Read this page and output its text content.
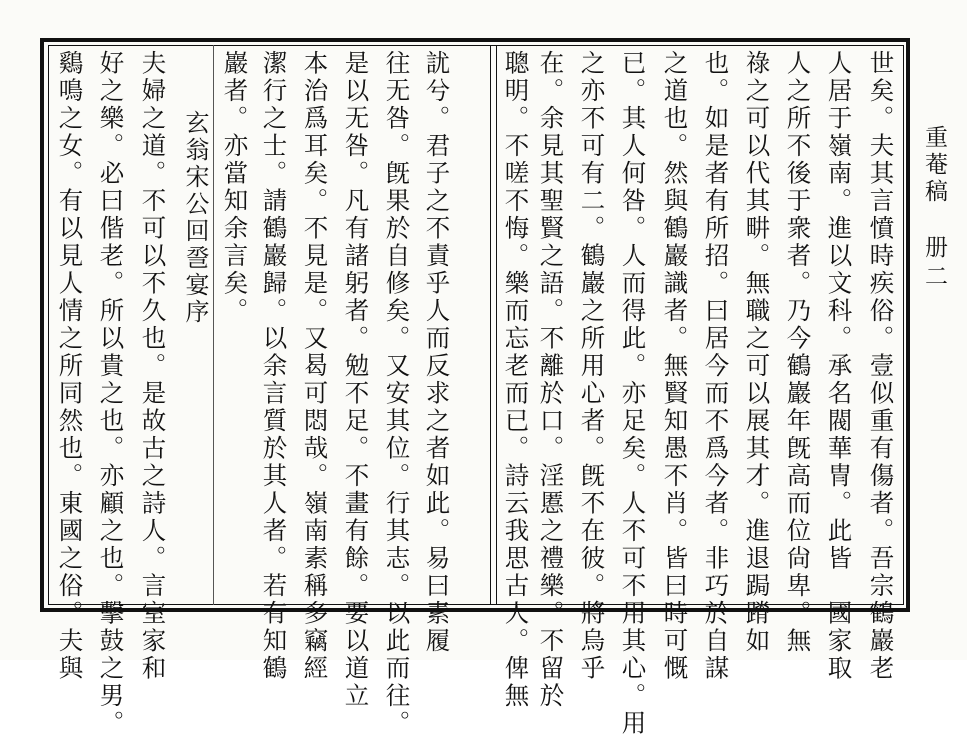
重菴稿
册二
世矣。夫其言憤時疾俗。壹似重有傷者。吾宗鶴巖老
人居于嶺南。進以文科。承名閥華冑。此皆　國家取
人之所不後于衆者。乃今鶴巖年旣高而位尙卑。無
祿之可以代其畊。無職之可以展其才。進退跼蹐如
也。如是者有所招。曰居今而不爲今者。非巧於自謀
之道也。然與鶴巖識者。無賢知愚不肖。皆曰時可慨
已。其人何咎。人而得此。亦足矣。人不可不用其心。用
之亦不可有二。鶴巖之所用心者。旣不在彼。將烏乎
在。余見其聖賢之語。不離於口。淫慝之禮樂。不留於
聰明。不嗟不悔。樂而忘老而已。詩云我思古人。俾無
訧兮。君子之不責乎人而反求之者如此。易曰素履
往无咎。旣果於自修矣。又安其位。行其志。以此而往。
是以无咎。凡有諸躬者。勉不足。不畫有餘。要以道立
本治爲耳矣。不見是。又曷可悶哉。嶺南素稱多竊經
潔行之士。請鶴巖歸。以余言質於其人者。若有知鶴
巖者。亦當知余言矣。
玄翁宋公回巹宴序
夫婦之道。不可以不久也。是故古之詩人。言室家和
好之樂。必曰偕老。所以貴之也。亦顧之也。擊鼓之男。
鷄鳴之女。有以見人情之所同然也。東國之俗。夫與
